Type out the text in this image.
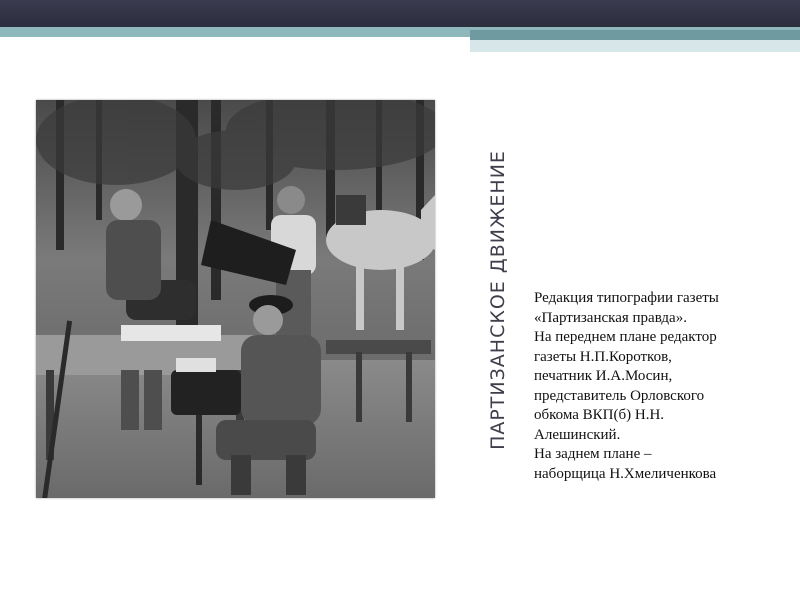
ПАРТИЗАНСКОЕ ДВИЖЕНИЕ Редакция типографии газеты
«Партизанская правда».
На переднем плане редактор
газеты Н.П.Коротков,
печатник И.А.Мосин,
представитель Орловского
обкома ВКП(б) Н.Н.
Алешинский.
На заднем плане –
наборщица Н.Хмеличенкова
